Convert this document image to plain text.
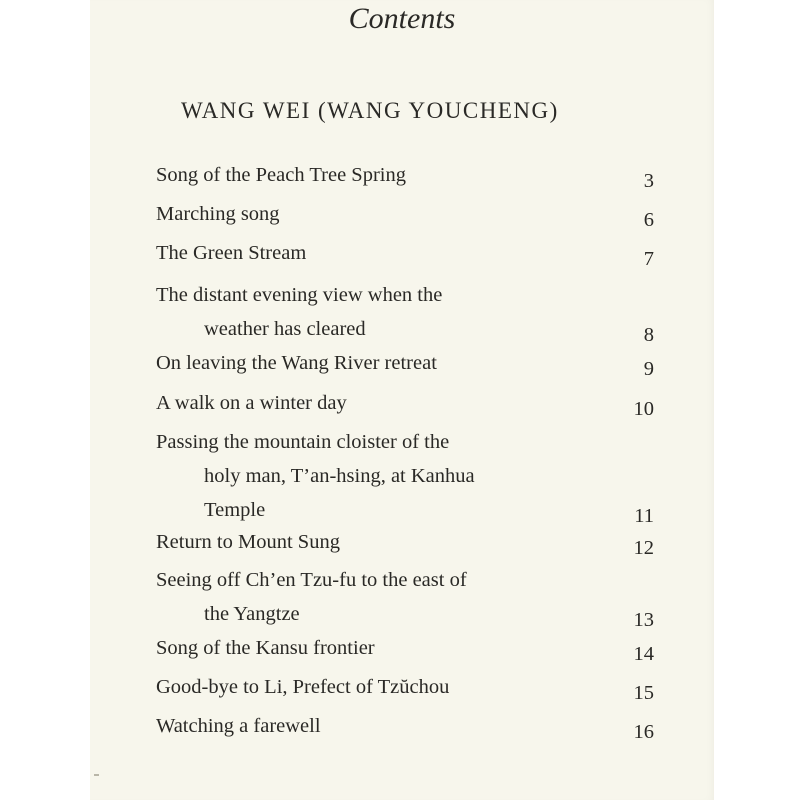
Contents
WANG WEI (WANG YOUCHENG)
Song of the Peach Tree Spring	3
Marching song	6
The Green Stream	7
The distant evening view when the
weather has cleared	8
On leaving the Wang River retreat	9
A walk on a winter day	10
Passing the mountain cloister of the
holy man, T’an-hsing, at Kanhua
Temple	11
Return to Mount Sung	12
Seeing off Ch’en Tzu-fu to the east of
the Yangtze	13
Song of the Kansu frontier	14
Good-bye to Li, Prefect of Tzŭchou	15
Watching a farewell	16
